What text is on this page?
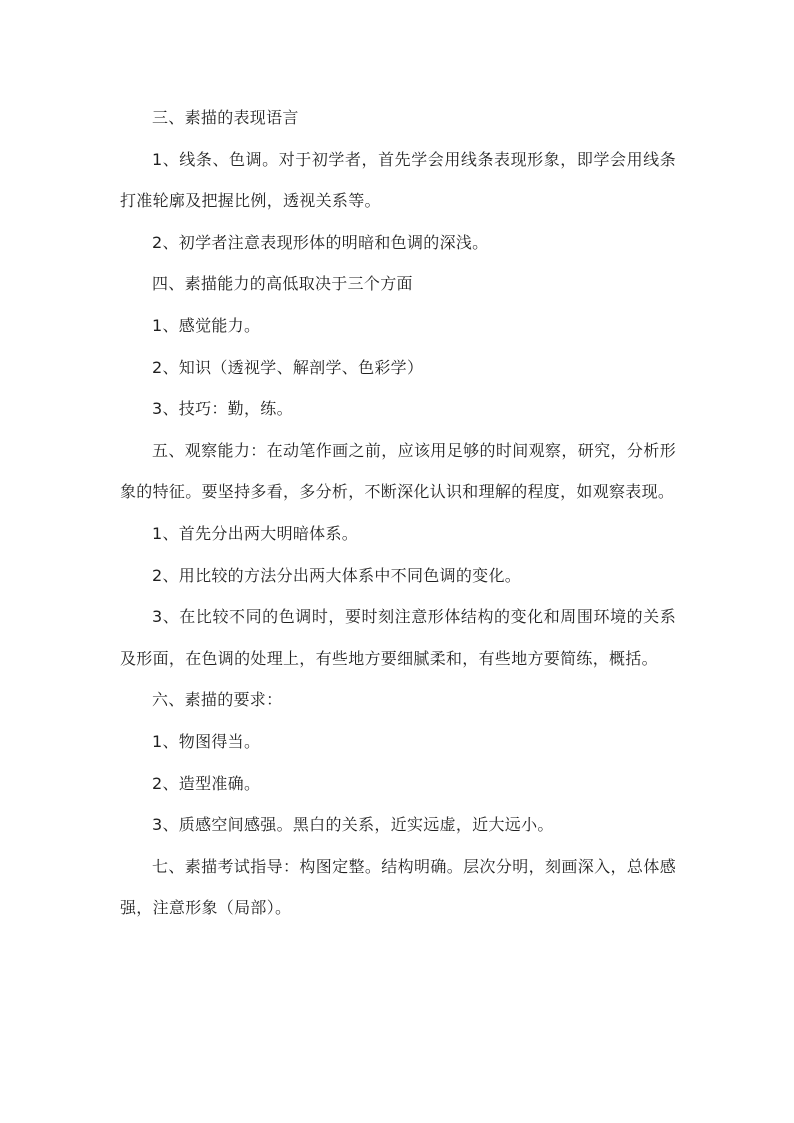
三、素描的表现语言

1、线条、色调。对于初学者，首先学会用线条表现形象，即学会用线条打准轮廓及把握比例，透视关系等。

2、初学者注意表现形体的明暗和色调的深浅。

四、素描能力的高低取决于三个方面

1、感觉能力。

2、知识（透视学、解剖学、色彩学）

3、技巧：勤，练。

五、观察能力：在动笔作画之前，应该用足够的时间观察，研究，分析形象的特征。要坚持多看，多分析，不断深化认识和理解的程度，如观察表现。

1、首先分出两大明暗体系。

2、用比较的方法分出两大体系中不同色调的变化。

3、在比较不同的色调时，要时刻注意形体结构的变化和周围环境的关系及形面，在色调的处理上，有些地方要细腻柔和，有些地方要简练，概括。

六、素描的要求：

1、物图得当。

2、造型准确。

3、质感空间感强。黑白的关系，近实远虚，近大远小。

七、素描考试指导：构图定整。结构明确。层次分明，刻画深入，总体感强，注意形象（局部）。
